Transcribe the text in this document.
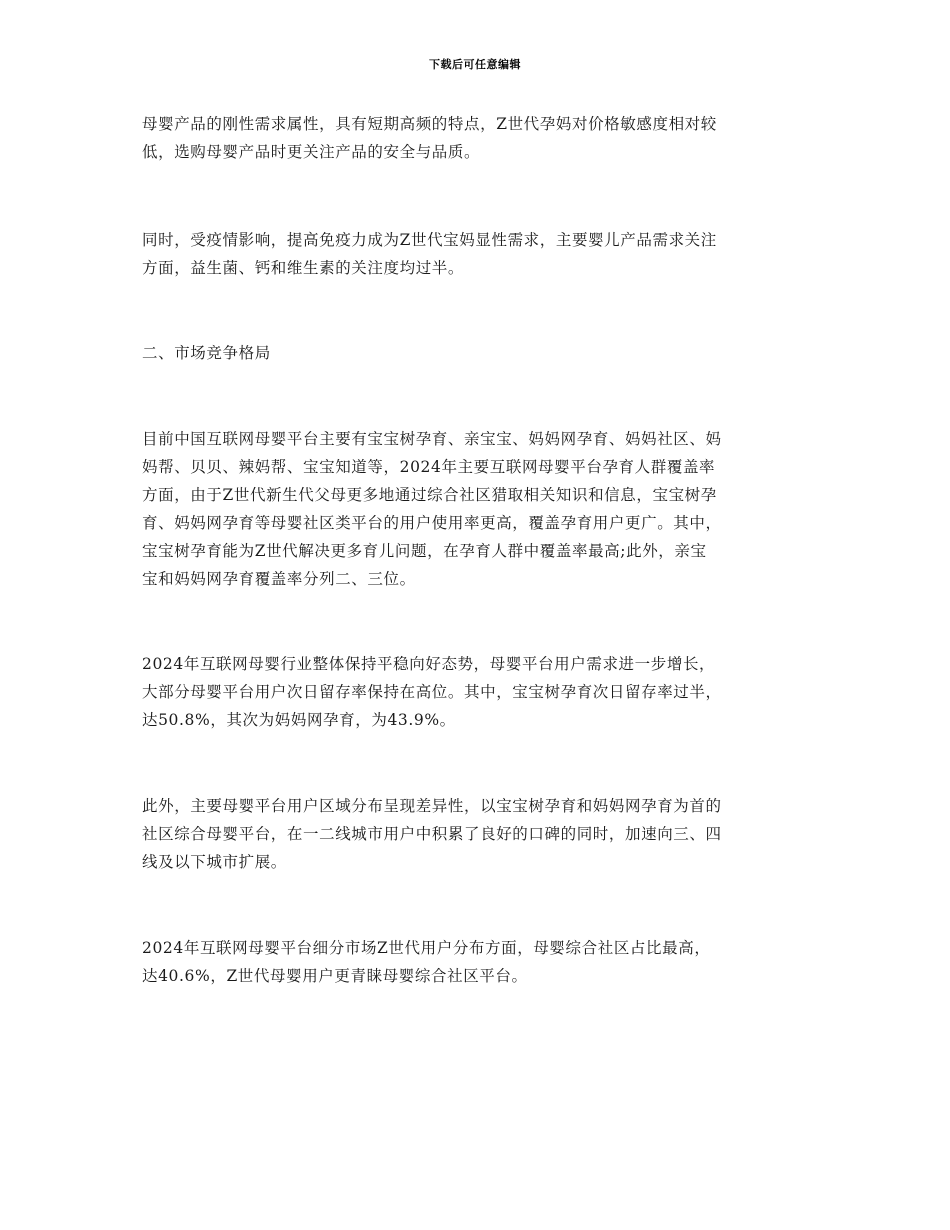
下载后可任意编辑

母婴产品的刚性需求属性，具有短期高频的特点，Z世代孕妈对价格敏感度相对较
低，选购母婴产品时更关注产品的安全与品质。

同时，受疫情影响，提高免疫力成为Z世代宝妈显性需求，主要婴儿产品需求关注
方面，益生菌、钙和维生素的关注度均过半。

二、市场竞争格局

目前中国互联网母婴平台主要有宝宝树孕育、亲宝宝、妈妈网孕育、妈妈社区、妈
妈帮、贝贝、辣妈帮、宝宝知道等，2024年主要互联网母婴平台孕育人群覆盖率
方面，由于Z世代新生代父母更多地通过综合社区猎取相关知识和信息，宝宝树孕
育、妈妈网孕育等母婴社区类平台的用户使用率更高，覆盖孕育用户更广。其中，
宝宝树孕育能为Z世代解决更多育儿问题，在孕育人群中覆盖率最高;此外，亲宝
宝和妈妈网孕育覆盖率分列二、三位。

2024年互联网母婴行业整体保持平稳向好态势，母婴平台用户需求进一步增长，
大部分母婴平台用户次日留存率保持在高位。其中，宝宝树孕育次日留存率过半，
达50.8%，其次为妈妈网孕育，为43.9%。

此外，主要母婴平台用户区域分布呈现差异性，以宝宝树孕育和妈妈网孕育为首的
社区综合母婴平台，在一二线城市用户中积累了良好的口碑的同时，加速向三、四
线及以下城市扩展。

2024年互联网母婴平台细分市场Z世代用户分布方面，母婴综合社区占比最高，
达40.6%，Z世代母婴用户更青睐母婴综合社区平台。
